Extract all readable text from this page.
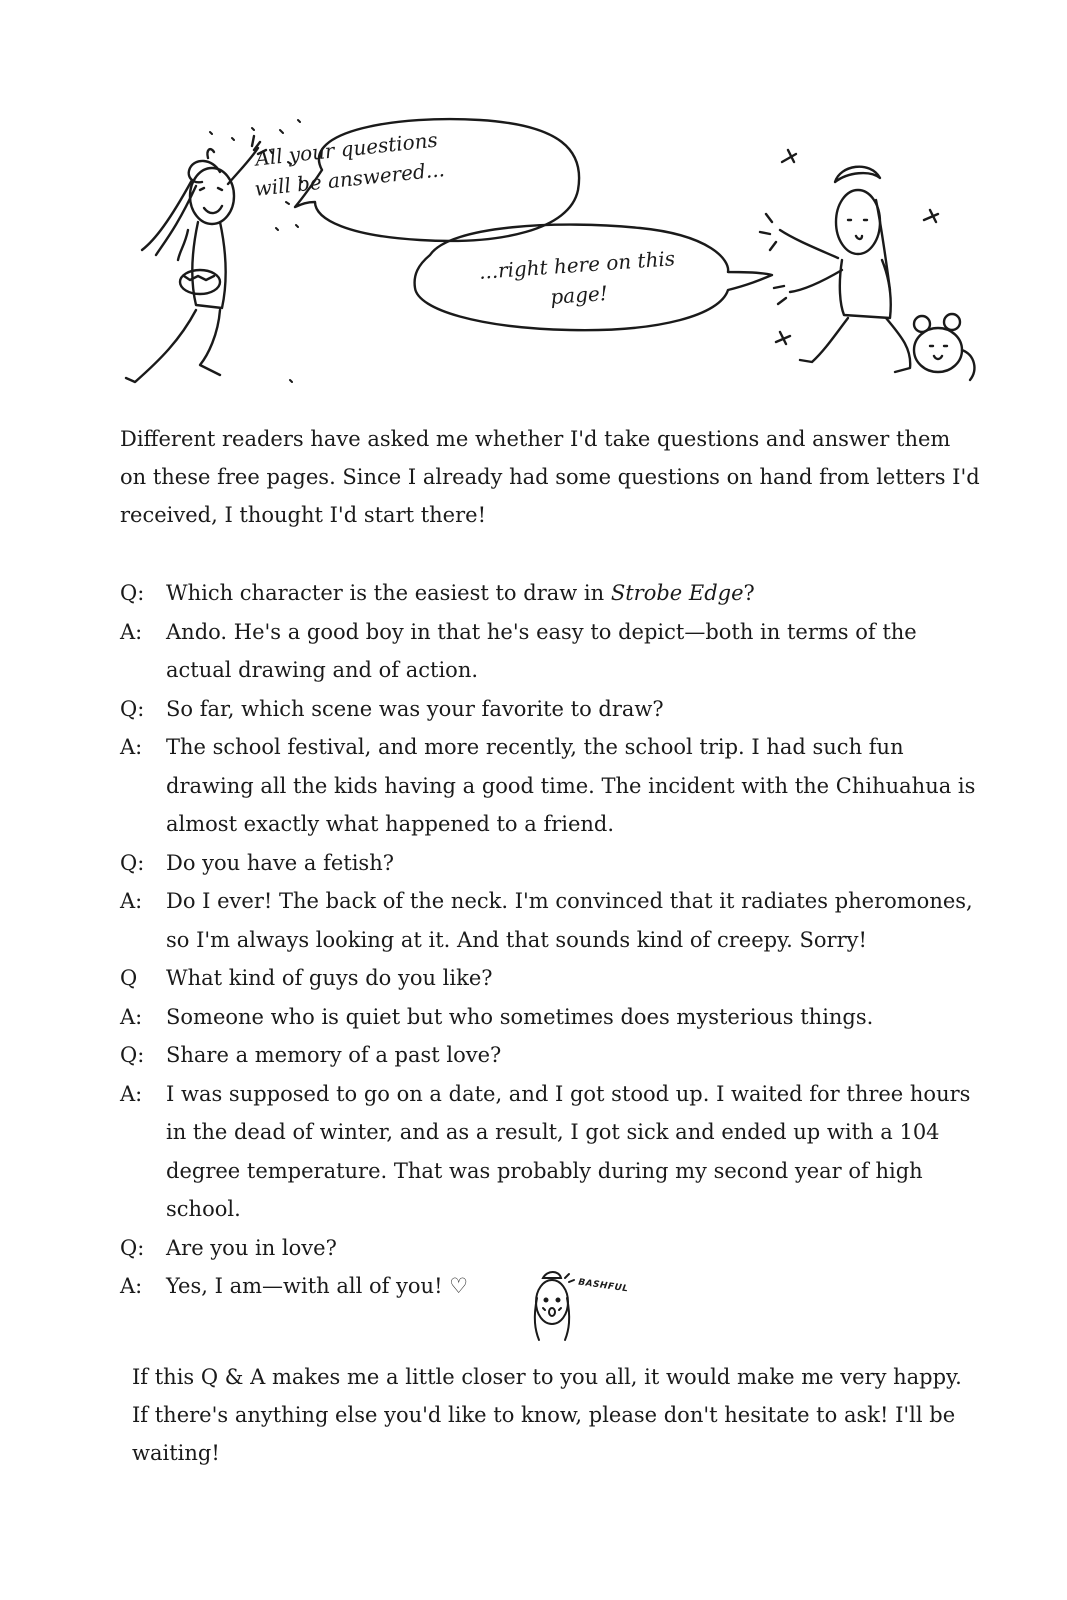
All your questions will be answered...
...right here on this page!

Different readers have asked me whether I'd take questions and answer them on these free pages. Since I already had some questions on hand from letters I'd received, I thought I'd start there!

Q:	Which character is the easiest to draw in Strobe Edge?
A:	Ando. He's a good boy in that he's easy to depict—both in terms of the actual drawing and of action.
Q:	So far, which scene was your favorite to draw?
A:	The school festival, and more recently, the school trip. I had such fun drawing all the kids having a good time. The incident with the Chihuahua is almost exactly what happened to a friend.
Q:	Do you have a fetish?
A:	Do I ever! The back of the neck. I'm convinced that it radiates pheromones, so I'm always looking at it. And that sounds kind of creepy. Sorry!
Q	What kind of guys do you like?
A:	Someone who is quiet but who sometimes does mysterious things.
Q:	Share a memory of a past love?
A:	I was supposed to go on a date, and I got stood up. I waited for three hours in the dead of winter, and as a result, I got sick and ended up with a 104 degree temperature. That was probably during my second year of high school.
Q:	Are you in love?
A:	Yes, I am—with all of you! ♡	BASHFUL

If this Q & A makes me a little closer to you all, it would make me very happy. If there's anything else you'd like to know, please don't hesitate to ask! I'll be waiting!
